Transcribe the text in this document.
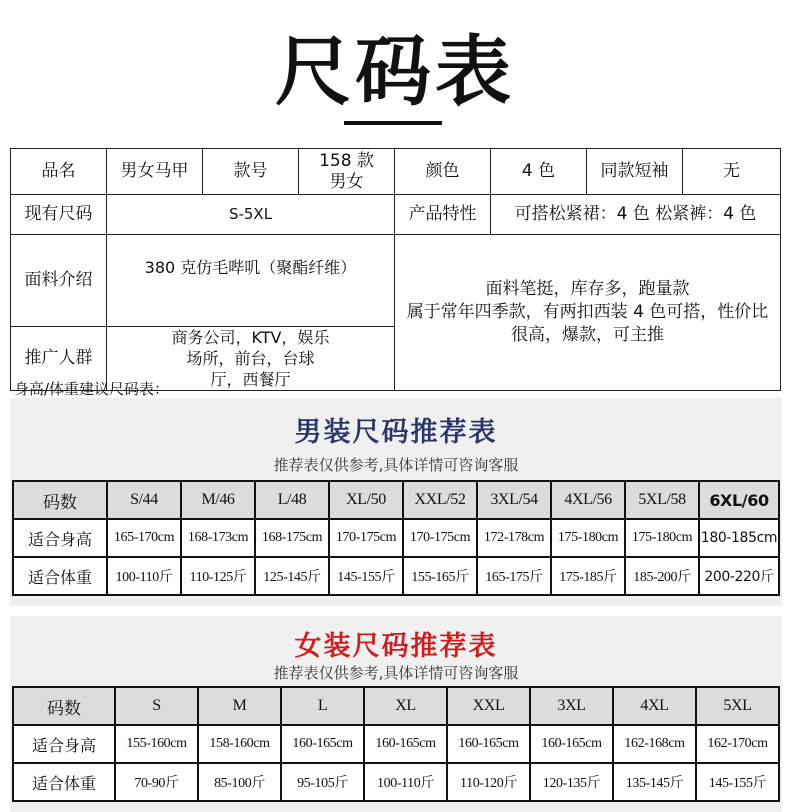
尺码表
品名	男女马甲	款号	158 款男女	颜色	4 色	同款短袖	无
现有尺码	S-5XL			产品特性	可搭松紧裙：4 色 松紧裤：4 色		
面料介绍	380 克仿毛哔叽（聚酯纤维）			面料笔挺，库存多，跑量款
属于常年四季款，有两扣西装 4 色可搭，性价比很高，爆款，可主推			
推广人群	商务公司，KTV，娱乐场所，前台，台球厅，西餐厅						
身高/体重建议尺码表：
男装尺码推荐表
推荐表仅供参考,具体详情可咨询客服
码数	S/44	M/46	L/48	XL/50	XXL/52	3XL/54	4XL/56	5XL/58	6XL/60
适合身高	165-170cm	168-173cm	168-175cm	170-175cm	170-175cm	172-178cm	175-180cm	175-180cm	180-185cm
适合体重	100-110斤	110-125斤	125-145斤	145-155斤	155-165斤	165-175斤	175-185斤	185-200斤	200-220斤
女装尺码推荐表
推荐表仅供参考,具体详情可咨询客服
码数	S	M	L	XL	XXL	3XL	4XL	5XL
适合身高	155-160cm	158-160cm	160-165cm	160-165cm	160-165cm	160-165cm	162-168cm	162-170cm
适合体重	70-90斤	85-100斤	95-105斤	100-110斤	110-120斤	120-135斤	135-145斤	145-155斤
